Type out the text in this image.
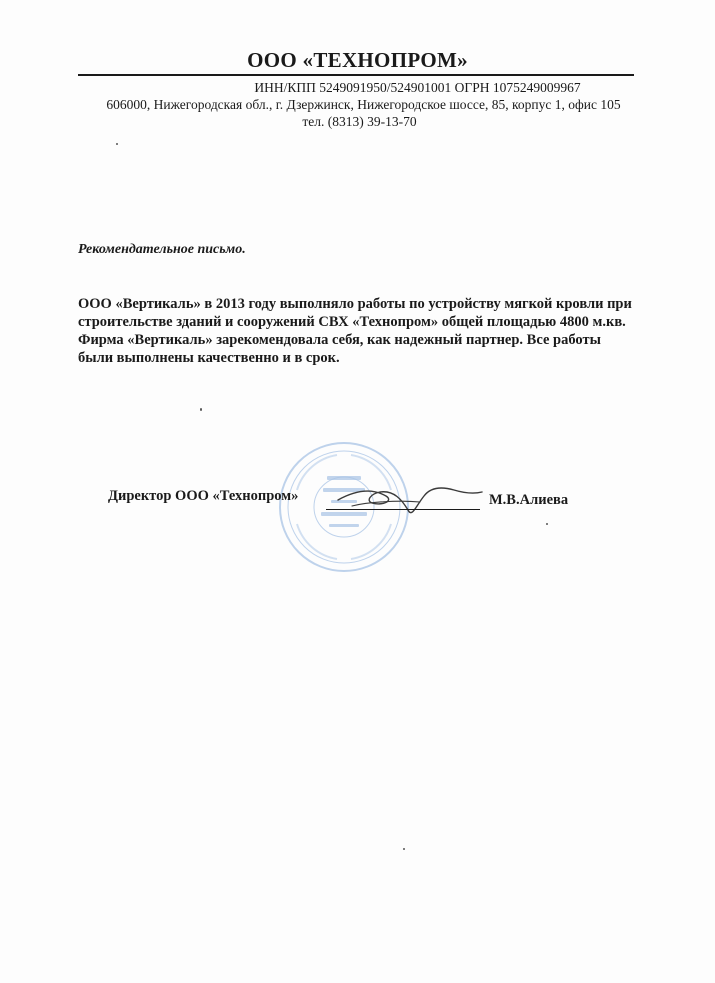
ООО «ТЕХНОПРОМ»
ИНН/КПП 5249091950/524901001 ОГРН 1075249009967
606000, Нижегородская обл., г. Дзержинск, Нижегородское шоссе, 85, корпус 1, офис 105
тел. (8313) 39-13-70
Рекомендательное письмо.

ООО «Вертикаль» в 2013 году выполняло работы по устройству мягкой кровли при строительстве зданий и сооружений СВХ «Технопром» общей площадью 4800 м.кв.

Фирма «Вертикаль» зарекомендовала себя, как надежный партнер. Все работы были выполнены качественно и в срок.

Директор ООО «Технопром»	М.В.Алиева
